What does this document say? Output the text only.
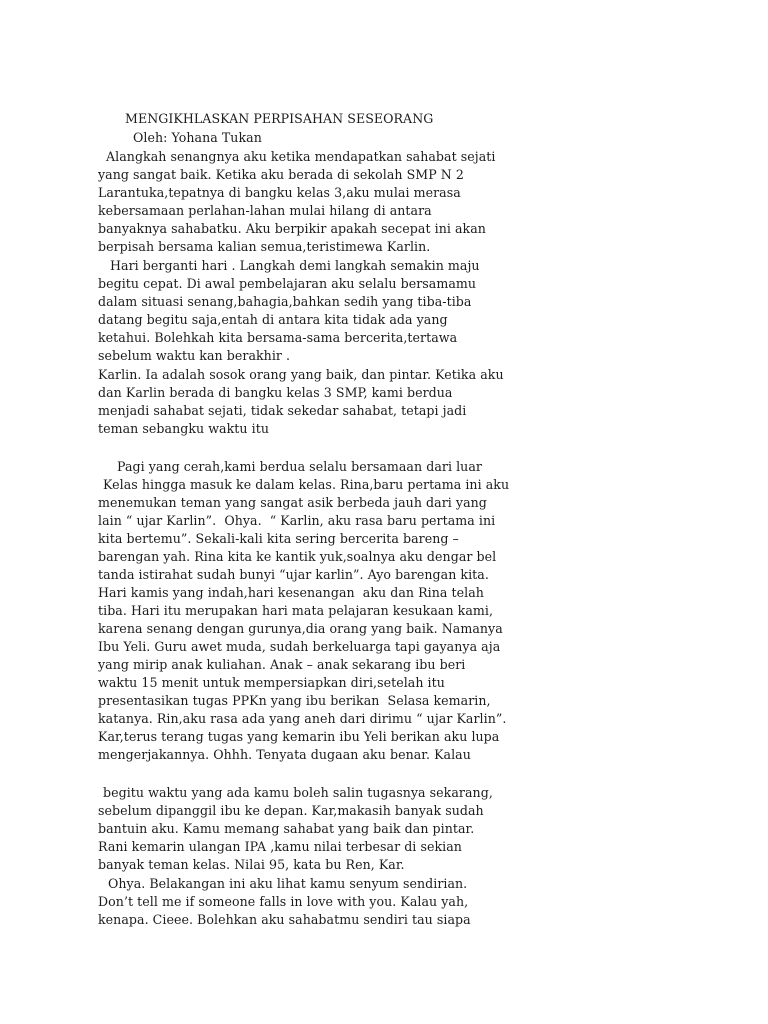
MENGIKHLASKAN PERPISAHAN SESEORANG
Oleh: Yohana Tukan
Alangkah senangnya aku ketika mendapatkan sahabat sejati
yang sangat baik. Ketika aku berada di sekolah SMP N 2
Larantuka,tepatnya di bangku kelas 3,aku mulai merasa
kebersamaan perlahan-lahan mulai hilang di antara
banyaknya sahabatku. Aku berpikir apakah secepat ini akan
berpisah bersama kalian semua,teristimewa Karlin.
Hari berganti hari . Langkah demi langkah semakin maju
begitu cepat. Di awal pembelajaran aku selalu bersamamu
dalam situasi senang,bahagia,bahkan sedih yang tiba-tiba
datang begitu saja,entah di antara kita tidak ada yang
ketahui. Bolehkah kita bersama-sama bercerita,tertawa
sebelum waktu kan berakhir .
Karlin. Ia adalah sosok orang yang baik, dan pintar. Ketika aku
dan Karlin berada di bangku kelas 3 SMP, kami berdua
menjadi sahabat sejati, tidak sekedar sahabat, tetapi jadi
teman sebangku waktu itu
Pagi yang cerah,kami berdua selalu bersamaan dari luar
Kelas hingga masuk ke dalam kelas. Rina,baru pertama ini aku
menemukan teman yang sangat asik berbeda jauh dari yang
lain “ ujar Karlin”.  Ohya.  “ Karlin, aku rasa baru pertama ini
kita bertemu”. Sekali-kali kita sering bercerita bareng –
barengan yah. Rina kita ke kantik yuk,soalnya aku dengar bel
tanda istirahat sudah bunyi “ujar karlin”. Ayo barengan kita.
Hari kamis yang indah,hari kesenangan  aku dan Rina telah
tiba. Hari itu merupakan hari mata pelajaran kesukaan kami,
karena senang dengan gurunya,dia orang yang baik. Namanya
Ibu Yeli. Guru awet muda, sudah berkeluarga tapi gayanya aja
yang mirip anak kuliahan. Anak – anak sekarang ibu beri
waktu 15 menit untuk mempersiapkan diri,setelah itu
presentasikan tugas PPKn yang ibu berikan  Selasa kemarin,
katanya. Rin,aku rasa ada yang aneh dari dirimu “ ujar Karlin”.
Kar,terus terang tugas yang kemarin ibu Yeli berikan aku lupa
mengerjakannya. Ohhh. Tenyata dugaan aku benar. Kalau
begitu waktu yang ada kamu boleh salin tugasnya sekarang,
sebelum dipanggil ibu ke depan. Kar,makasih banyak sudah
bantuin aku. Kamu memang sahabat yang baik dan pintar.
Rani kemarin ulangan IPA ,kamu nilai terbesar di sekian
banyak teman kelas. Nilai 95, kata bu Ren, Kar.
Ohya. Belakangan ini aku lihat kamu senyum sendirian.
Don’t tell me if someone falls in love with you. Kalau yah,
kenapa. Cieee. Bolehkan aku sahabatmu sendiri tau siapa
